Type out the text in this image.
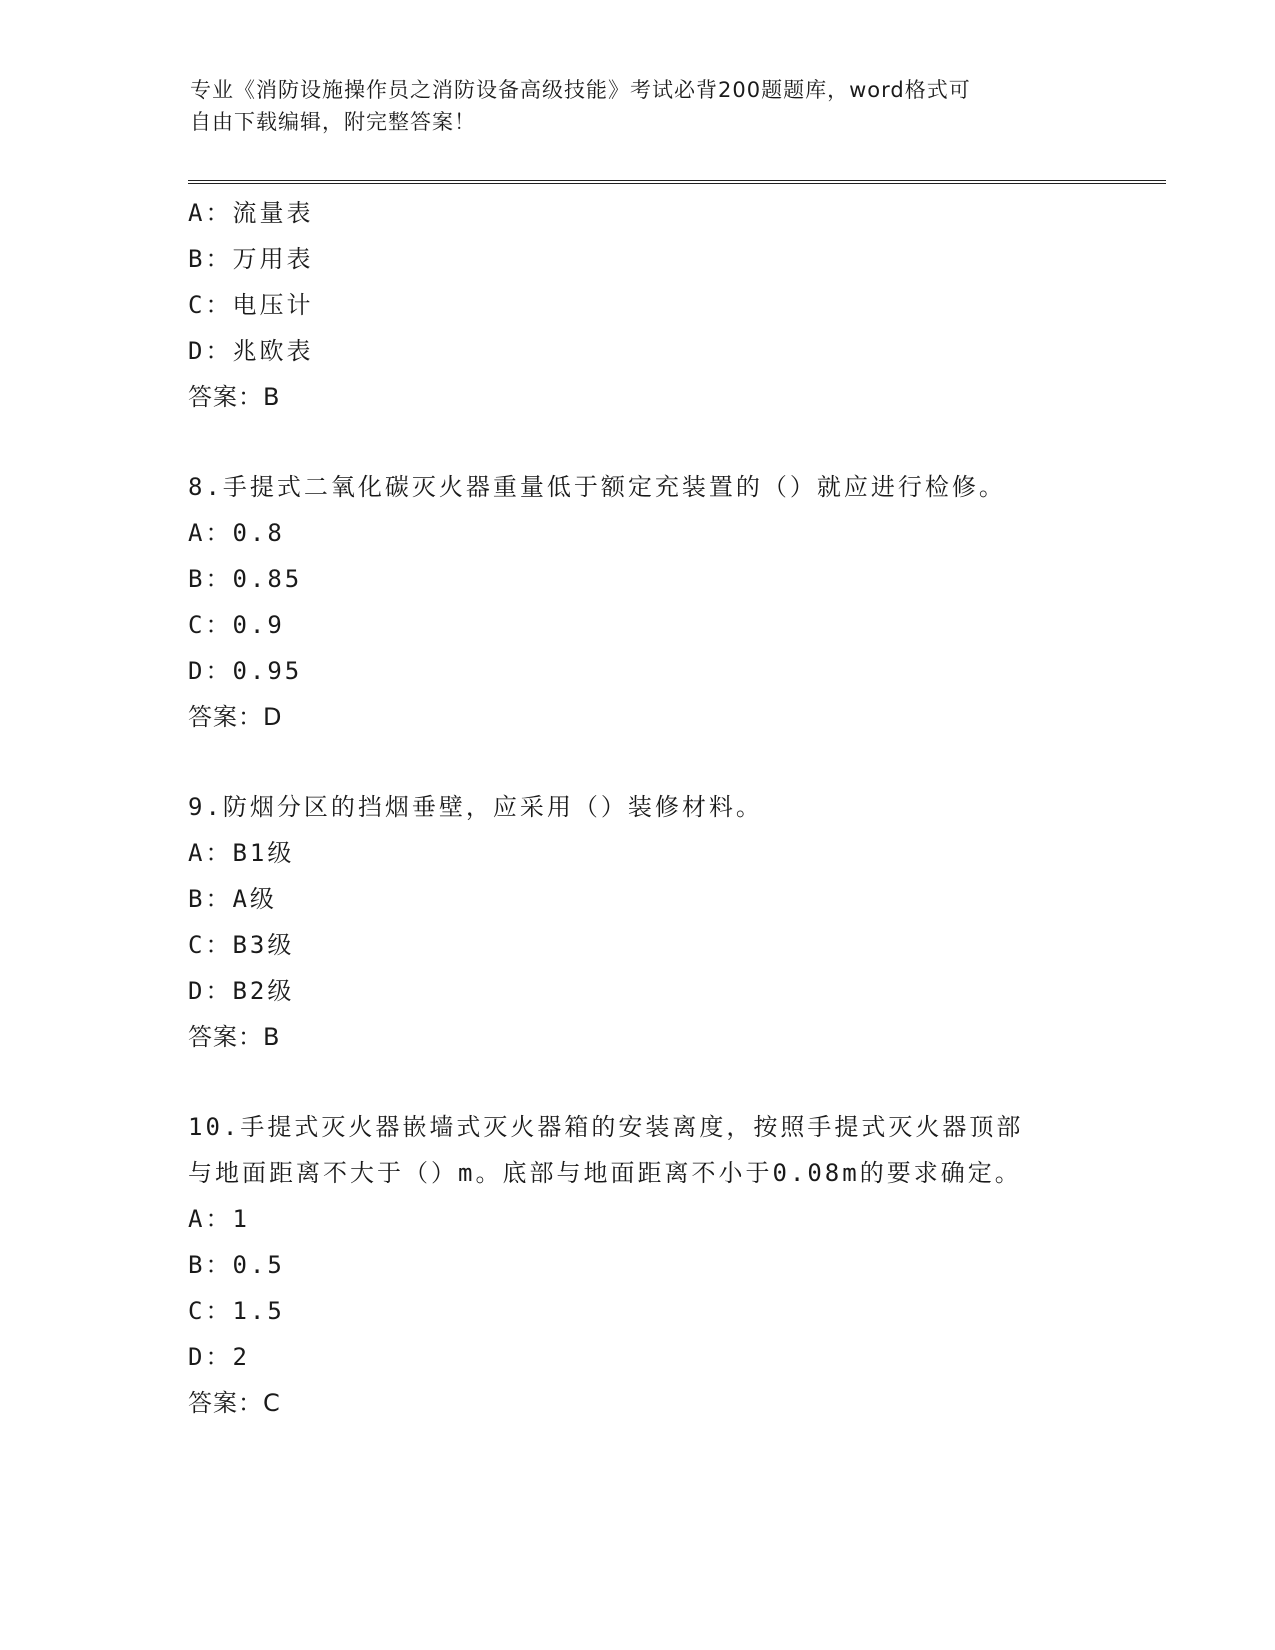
专业《消防设施操作员之消防设备高级技能》考试必背200题题库，word格式可

自由下载编辑，附完整答案！

A：流量表
B：万用表
C：电压计
D：兆欧表
答案：B
8.手提式二氧化碳灭火器重量低于额定充装置的（）就应进行检修。
A：0.8
B：0.85
C：0.9
D：0.95
答案：D
9.防烟分区的挡烟垂壁，应采用（）装修材料。
A：B1级
B：A级
C：B3级
D：B2级
答案：B
10.手提式灭火器嵌墙式灭火器箱的安装离度，按照手提式灭火器顶部
与地面距离不大于（）m。底部与地面距离不小于0.08m的要求确定。
A：1
B：0.5
C：1.5
D：2
答案：C
